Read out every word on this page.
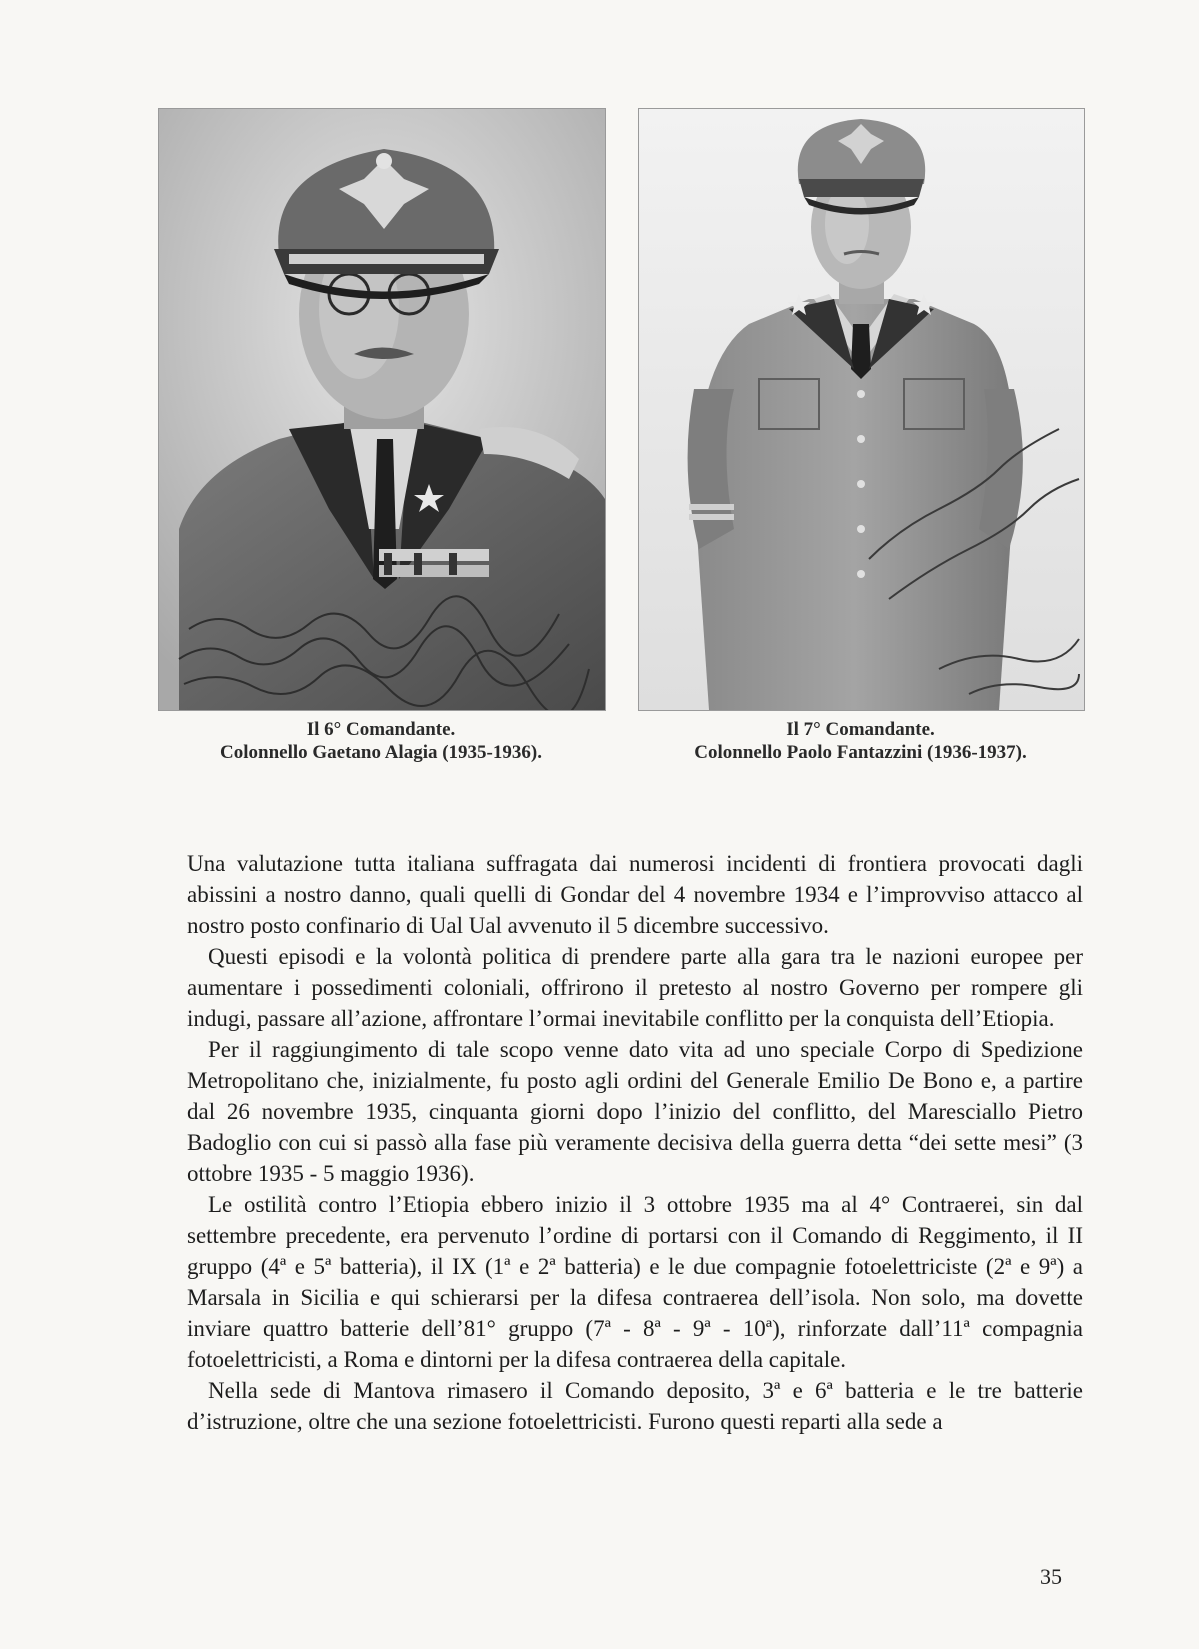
Il 6° Comandante.
Colonnello Gaetano Alagia (1935-1936).
Il 7° Comandante.
Colonnello Paolo Fantazzini (1936-1937).

Una valutazione tutta italiana suffragata dai numerosi incidenti di frontiera provocati dagli abissini a nostro danno, quali quelli di Gondar del 4 novembre 1934 e l’improvviso attacco al nostro posto confinario di Ual Ual avvenuto il 5 dicembre successivo.

Questi episodi e la volontà politica di prendere parte alla gara tra le nazioni europee per aumentare i possedimenti coloniali, offrirono il pretesto al nostro Governo per rompere gli indugi, passare all’azione, affrontare l’ormai inevitabile conflitto per la conquista dell’Etiopia.

Per il raggiungimento di tale scopo venne dato vita ad uno speciale Corpo di Spedizione Metropolitano che, inizialmente, fu posto agli ordini del Generale Emilio De Bono e, a partire dal 26 novembre 1935, cinquanta giorni dopo l’inizio del conflitto, del Maresciallo Pietro Badoglio con cui si passò alla fase più veramente decisiva della guerra detta “dei sette mesi” (3 ottobre 1935 - 5 maggio 1936).

Le ostilità contro l’Etiopia ebbero inizio il 3 ottobre 1935 ma al 4° Contraerei, sin dal settembre precedente, era pervenuto l’ordine di portarsi con il Comando di Reggimento, il II gruppo (4ª e 5ª batteria), il IX (1ª e 2ª batteria) e le due compagnie fotoelettriciste (2ª e 9ª) a Marsala in Sicilia e qui schierarsi per la difesa contraerea dell’isola. Non solo, ma dovette inviare quattro batterie dell’81° gruppo (7ª - 8ª - 9ª - 10ª), rinforzate dall’11ª compagnia fotoelettricisti, a Roma e dintorni per la difesa contraerea della capitale.

Nella sede di Mantova rimasero il Comando deposito, 3ª e 6ª batteria e le tre batterie d’istruzione, oltre che una sezione fotoelettricisti. Furono questi reparti alla sede a

35
